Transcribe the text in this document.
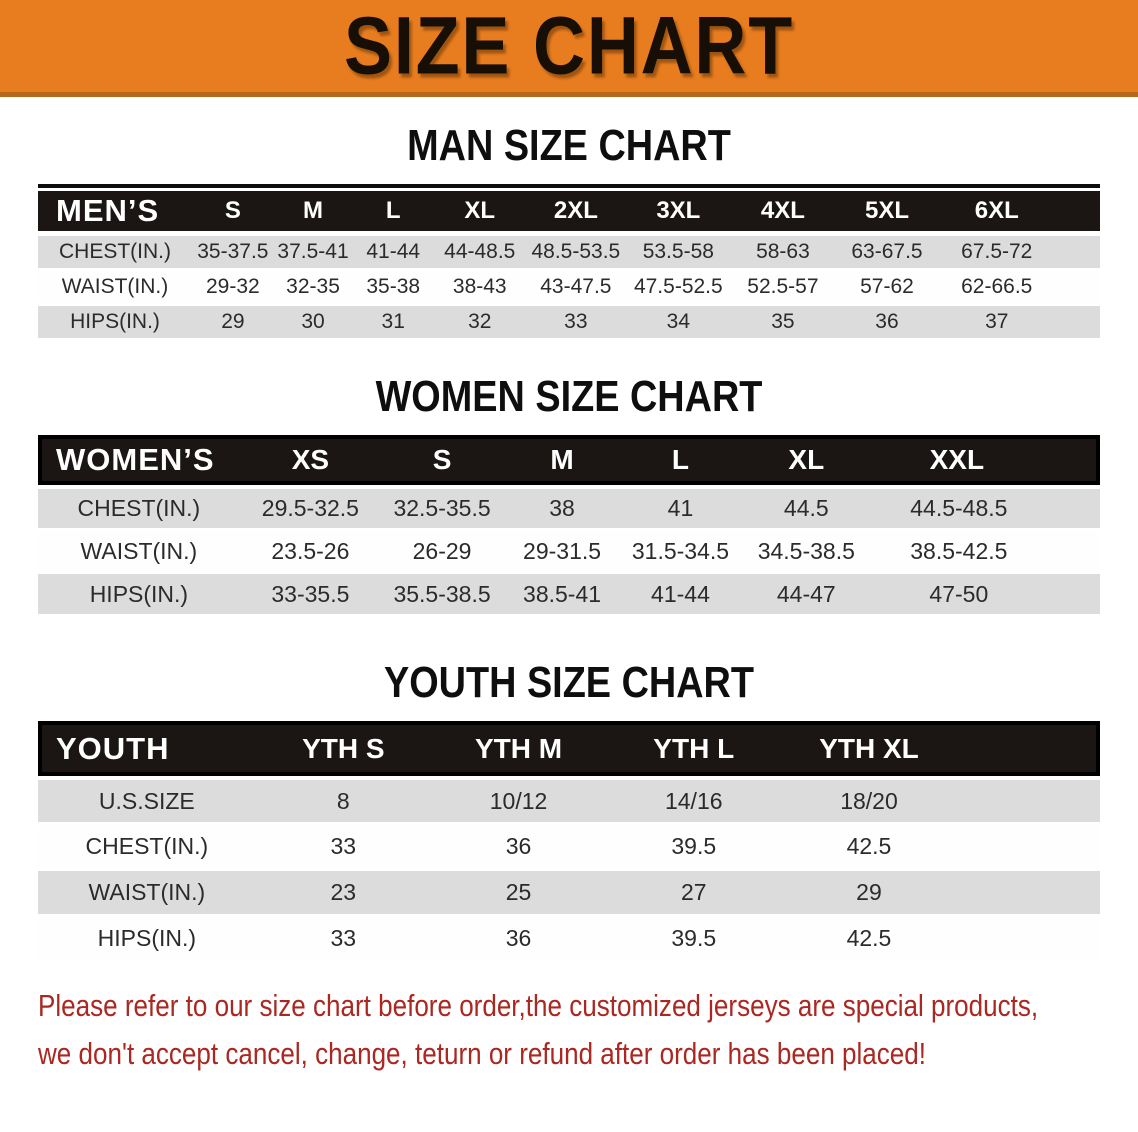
SIZE CHART
MAN SIZE CHART
MEN’S	S	M	L	XL	2XL	3XL	4XL	5XL	6XL
CHEST(IN.)	35-37.5	37.5-41	41-44	44-48.5	48.5-53.5	53.5-58	58-63	63-67.5	67.5-72
WAIST(IN.)	29-32	32-35	35-38	38-43	43-47.5	47.5-52.5	52.5-57	57-62	62-66.5
HIPS(IN.)	29	30	31	32	33	34	35	36	37
WOMEN SIZE CHART
WOMEN’S	XS	S	M	L	XL	XXL
CHEST(IN.)	29.5-32.5	32.5-35.5	38	41	44.5	44.5-48.5
WAIST(IN.)	23.5-26	26-29	29-31.5	31.5-34.5	34.5-38.5	38.5-42.5
HIPS(IN.)	33-35.5	35.5-38.5	38.5-41	41-44	44-47	47-50
YOUTH SIZE CHART
YOUTH	YTH S	YTH M	YTH L	YTH XL	
U.S.SIZE	8	10/12	14/16	18/20	
CHEST(IN.)	33	36	39.5	42.5	
WAIST(IN.)	23	25	27	29	
HIPS(IN.)	33	36	39.5	42.5	

Please refer to our size chart before order,the customized jerseys are special products,

we don't accept cancel, change, teturn or refund after order has been placed!
